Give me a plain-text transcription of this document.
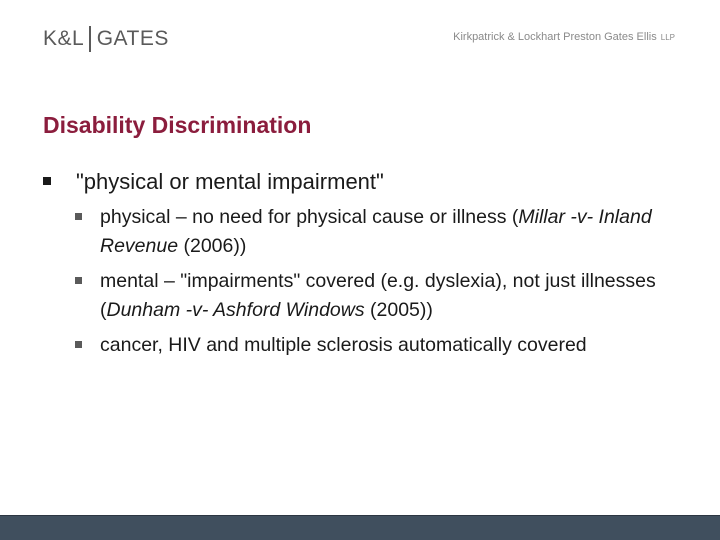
K&L GATES	Kirkpatrick & Lockhart Preston Gates Ellis LLP
Disability Discrimination
"physical or mental impairment"
physical – no need for physical cause or illness (Millar -v- Inland Revenue (2006))
mental – "impairments" covered (e.g. dyslexia), not just illnesses (Dunham -v- Ashford Windows (2005))
cancer, HIV and multiple sclerosis automatically covered
